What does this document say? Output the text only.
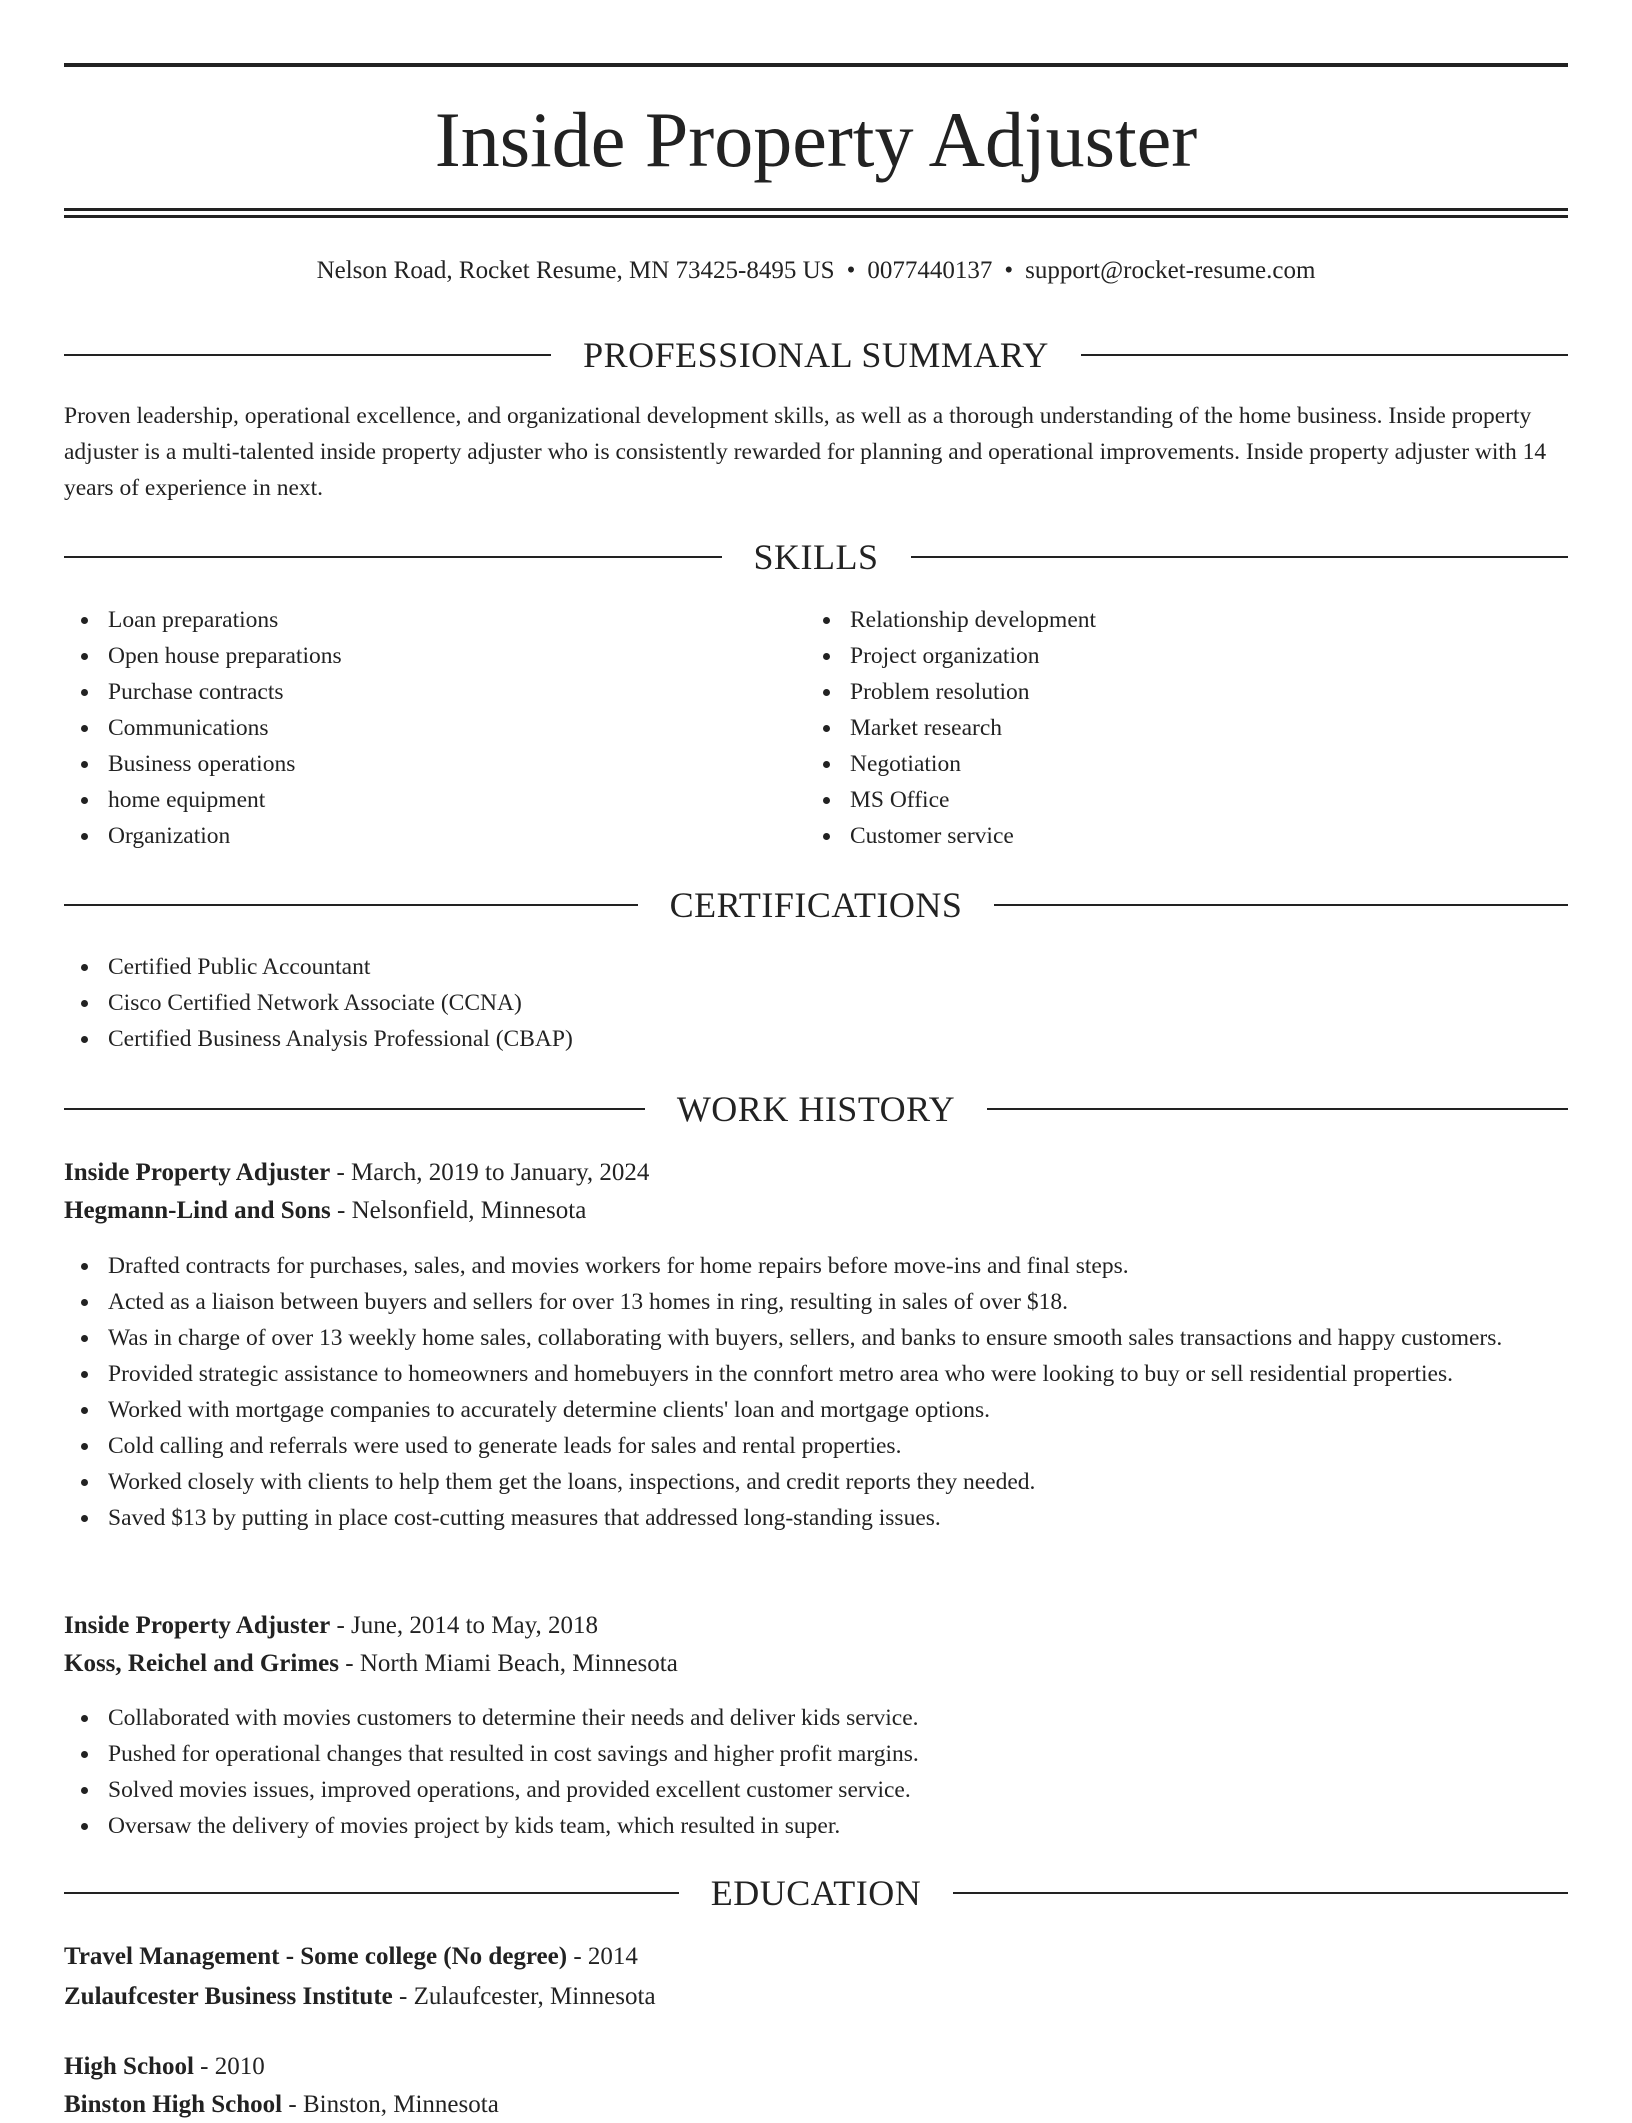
Inside Property Adjuster
Nelson Road, Rocket Resume, MN 73425-8495 US • 0077440137 • support@rocket-resume.com
PROFESSIONAL SUMMARY

Proven leadership, operational excellence, and organizational development skills, as well as a thorough understanding of the home business. Inside property adjuster is a multi-talented inside property adjuster who is consistently rewarded for planning and operational improvements. Inside property adjuster with 14 years of experience in next.

SKILLS
Loan preparations
Open house preparations
Purchase contracts
Communications
Business operations
home equipment
Organization
Relationship development
Project organization
Problem resolution
Market research
Negotiation
MS Office
Customer service
CERTIFICATIONS
Certified Public Accountant
Cisco Certified Network Associate (CCNA)
Certified Business Analysis Professional (CBAP)
WORK HISTORY
Inside Property Adjuster - March, 2019 to January, 2024
Hegmann-Lind and Sons - Nelsonfield, Minnesota
Drafted contracts for purchases, sales, and movies workers for home repairs before move-ins and final steps.
Acted as a liaison between buyers and sellers for over 13 homes in ring, resulting in sales of over $18.
Was in charge of over 13 weekly home sales, collaborating with buyers, sellers, and banks to ensure smooth sales transactions and happy customers.
Provided strategic assistance to homeowners and homebuyers in the connfort metro area who were looking to buy or sell residential properties.
Worked with mortgage companies to accurately determine clients' loan and mortgage options.
Cold calling and referrals were used to generate leads for sales and rental properties.
Worked closely with clients to help them get the loans, inspections, and credit reports they needed.
Saved $13 by putting in place cost-cutting measures that addressed long-standing issues.
Inside Property Adjuster - June, 2014 to May, 2018
Koss, Reichel and Grimes - North Miami Beach, Minnesota
Collaborated with movies customers to determine their needs and deliver kids service.
Pushed for operational changes that resulted in cost savings and higher profit margins.
Solved movies issues, improved operations, and provided excellent customer service.
Oversaw the delivery of movies project by kids team, which resulted in super.
EDUCATION
Travel Management - Some college (No degree) - 2014
Zulaufcester Business Institute - Zulaufcester, Minnesota
High School - 2010
Binston High School - Binston, Minnesota
